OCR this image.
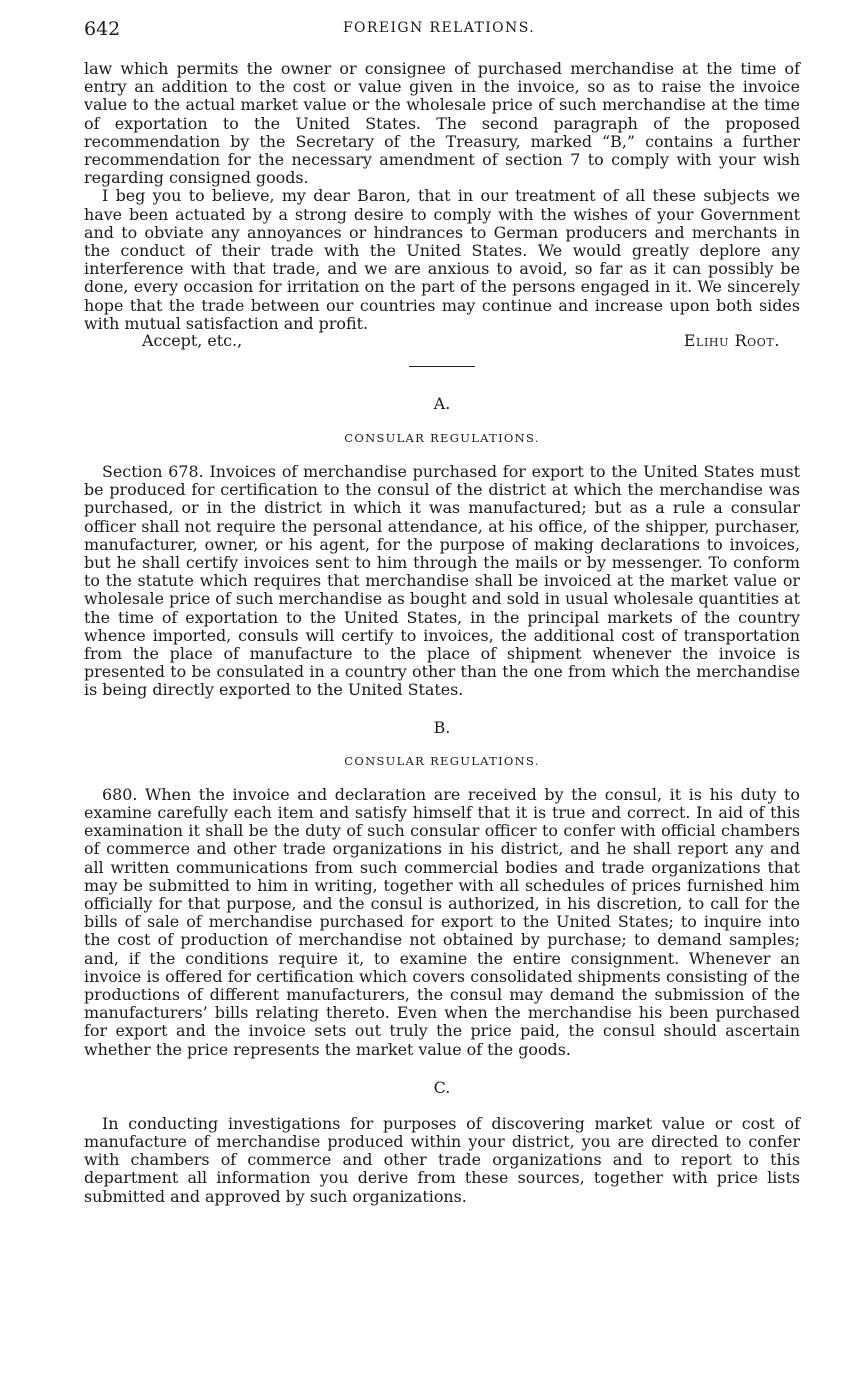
642	FOREIGN RELATIONS.

law which permits the owner or consignee of purchased merchandise at the time of entry an addition to the cost or value given in the invoice, so as to raise the invoice value to the actual market value or the wholesale price of such merchandise at the time of exportation to the United States. The second paragraph of the proposed recommendation by the Secretary of the Treasury, marked “B,” contains a further recommendation for the necessary amendment of section 7 to comply with your wish regarding consigned goods.

I beg you to believe, my dear Baron, that in our treatment of all these subjects we have been actuated by a strong desire to comply with the wishes of your Government and to obviate any annoyances or hindrances to German producers and merchants in the conduct of their trade with the United States. We would greatly deplore any interference with that trade, and we are anxious to avoid, so far as it can possibly be done, every occasion for irritation on the part of the persons engaged in it. We sincerely hope that the trade between our countries may continue and increase upon both sides with mutual satisfaction and profit.

Accept, etc.,	Elihu Root.
A.
CONSULAR REGULATIONS.

Section 678. Invoices of merchandise purchased for export to the United States must be produced for certification to the consul of the district at which the merchandise was purchased, or in the district in which it was manufactured; but as a rule a consular officer shall not require the personal attendance, at his office, of the shipper, purchaser, manufacturer, owner, or his agent, for the purpose of making declarations to invoices, but he shall certify invoices sent to him through the mails or by messenger. To conform to the statute which requires that merchandise shall be invoiced at the market value or wholesale price of such merchandise as bought and sold in usual wholesale quantities at the time of exportation to the United States, in the principal markets of the country whence imported, consuls will certify to invoices, the additional cost of transportation from the place of manufacture to the place of shipment whenever the invoice is presented to be consulated in a country other than the one from which the merchandise is being directly exported to the United States.

B.
CONSULAR REGULATIONS.

680. When the invoice and declaration are received by the consul, it is his duty to examine carefully each item and satisfy himself that it is true and correct. In aid of this examination it shall be the duty of such consular officer to confer with official chambers of commerce and other trade organizations in his district, and he shall report any and all written communications from such commercial bodies and trade organizations that may be submitted to him in writing, together with all schedules of prices furnished him officially for that purpose, and the consul is authorized, in his discretion, to call for the bills of sale of merchandise purchased for export to the United States; to inquire into the cost of production of merchandise not obtained by purchase; to demand samples; and, if the conditions require it, to examine the entire consignment. Whenever an invoice is offered for certification which covers consolidated shipments consisting of the productions of different manufacturers, the consul may demand the submission of the manufacturers’ bills relating thereto. Even when the merchandise his been purchased for export and the invoice sets out truly the price paid, the consul should ascertain whether the price represents the market value of the goods.

C.

In conducting investigations for purposes of discovering market value or cost of manufacture of merchandise produced within your district, you are directed to confer with chambers of commerce and other trade organizations and to report to this department all information you derive from these sources, together with price lists submitted and approved by such organizations.
